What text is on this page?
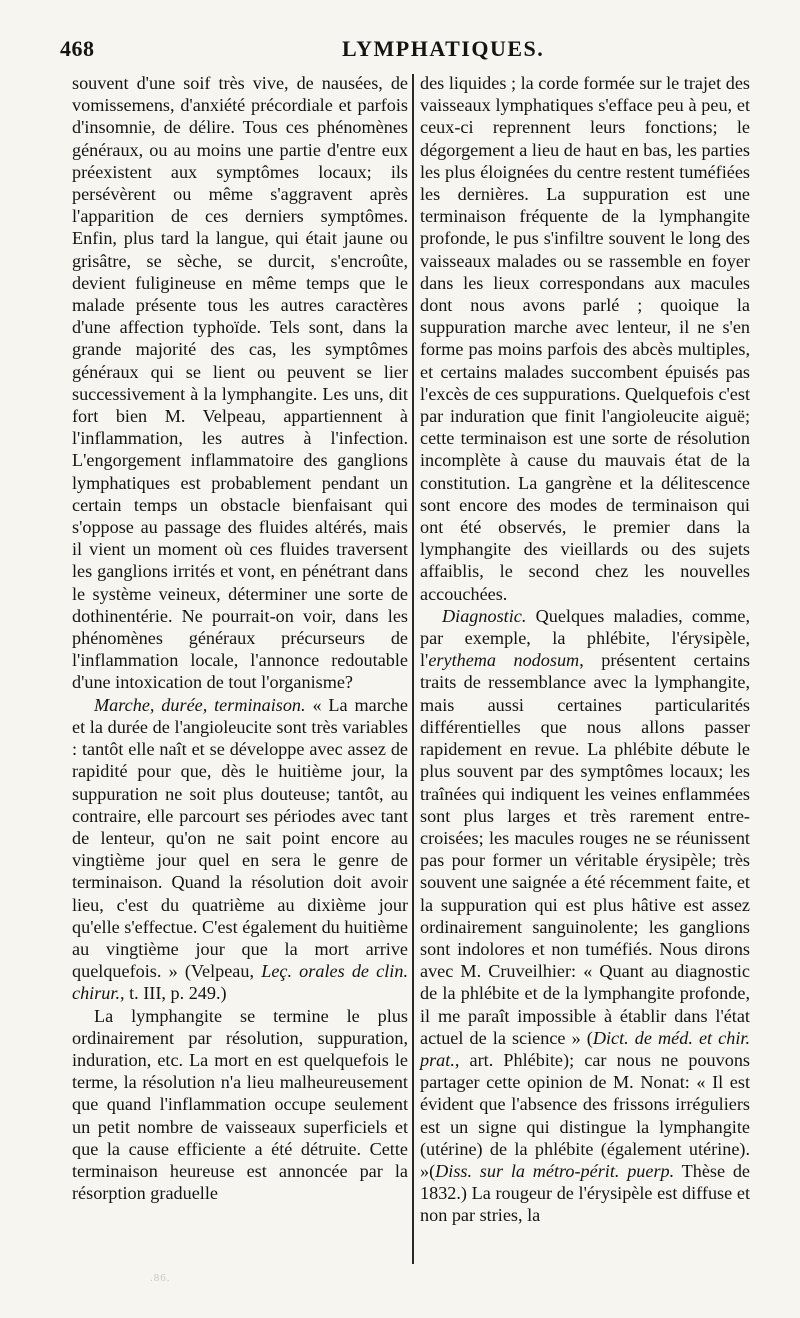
468	LYMPHATIQUES.

souvent d'une soif très vive, de nausées, de vomissemens, d'anxiété précordiale et parfois d'insomnie, de délire. Tous ces phénomènes généraux, ou au moins une partie d'entre eux préexistent aux symptômes locaux; ils persévèrent ou même s'aggravent après l'apparition de ces derniers symptômes. Enfin, plus tard la langue, qui était jaune ou grisâtre, se sèche, se durcit, s'encroûte, devient fuligineuse en même temps que le malade présente tous les autres caractères d'une affection typhoïde. Tels sont, dans la grande majorité des cas, les symptômes généraux qui se lient ou peuvent se lier successivement à la lymphangite. Les uns, dit fort bien M. Velpeau, appartiennent à l'inflammation, les autres à l'infection. L'engorgement inflammatoire des ganglions lymphatiques est probablement pendant un certain temps un obstacle bienfaisant qui s'oppose au passage des fluides altérés, mais il vient un moment où ces fluides traversent les ganglions irrités et vont, en pénétrant dans le système veineux, déterminer une sorte de dothinentérie. Ne pourrait-on voir, dans les phénomènes généraux précurseurs de l'inflammation locale, l'annonce redoutable d'une intoxication de tout l'organisme?

Marche, durée, terminaison. « La marche et la durée de l'angioleucite sont très variables : tantôt elle naît et se développe avec assez de rapidité pour que, dès le huitième jour, la suppuration ne soit plus douteuse; tantôt, au contraire, elle parcourt ses périodes avec tant de lenteur, qu'on ne sait point encore au vingtième jour quel en sera le genre de terminaison. Quand la résolution doit avoir lieu, c'est du quatrième au dixième jour qu'elle s'effectue. C'est également du huitième au vingtième jour que la mort arrive quelquefois. » (Velpeau, Leç. orales de clin. chirur., t. III, p. 249.)

La lymphangite se termine le plus ordinairement par résolution, suppuration, induration, etc. La mort en est quelquefois le terme, la résolution n'a lieu malheureusement que quand l'inflammation occupe seulement un petit nombre de vaisseaux superficiels et que la cause efficiente a été détruite. Cette terminaison heureuse est annoncée par la résorption graduelle

des liquides ; la corde formée sur le trajet des vaisseaux lymphatiques s'efface peu à peu, et ceux-ci reprennent leurs fonctions; le dégorgement a lieu de haut en bas, les parties les plus éloignées du centre restent tuméfiées les dernières. La suppuration est une terminaison fréquente de la lymphangite profonde, le pus s'infiltre souvent le long des vaisseaux malades ou se rassemble en foyer dans les lieux correspondans aux macules dont nous avons parlé ; quoique la suppuration marche avec lenteur, il ne s'en forme pas moins parfois des abcès multiples, et certains malades succombent épuisés pas l'excès de ces suppurations. Quelquefois c'est par induration que finit l'angioleucite aiguë; cette terminaison est une sorte de résolution incomplète à cause du mauvais état de la constitution. La gangrène et la délitescence sont encore des modes de terminaison qui ont été observés, le premier dans la lymphangite des vieillards ou des sujets affaiblis, le second chez les nouvelles accouchées.

Diagnostic. Quelques maladies, comme, par exemple, la phlébite, l'érysipèle, l'erythema nodosum, présentent certains traits de ressemblance avec la lymphangite, mais aussi certaines particularités différentielles que nous allons passer rapidement en revue. La phlébite débute le plus souvent par des symptômes locaux; les traînées qui indiquent les veines enflammées sont plus larges et très rarement entre-croisées; les macules rouges ne se réunissent pas pour former un véritable érysipèle; très souvent une saignée a été récemment faite, et la suppuration qui est plus hâtive est assez ordinairement sanguinolente; les ganglions sont indolores et non tuméfiés. Nous dirons avec M. Cruveilhier: « Quant au diagnostic de la phlébite et de la lymphangite profonde, il me paraît impossible à établir dans l'état actuel de la science » (Dict. de méd. et chir. prat., art. Phlébite); car nous ne pouvons partager cette opinion de M. Nonat: « Il est évident que l'absence des frissons irréguliers est un signe qui distingue la lymphangite (utérine) de la phlébite (également utérine). »(Diss. sur la métro-périt. puerp. Thèse de 1832.) La rougeur de l'érysipèle est diffuse et non par stries, la

.86.
